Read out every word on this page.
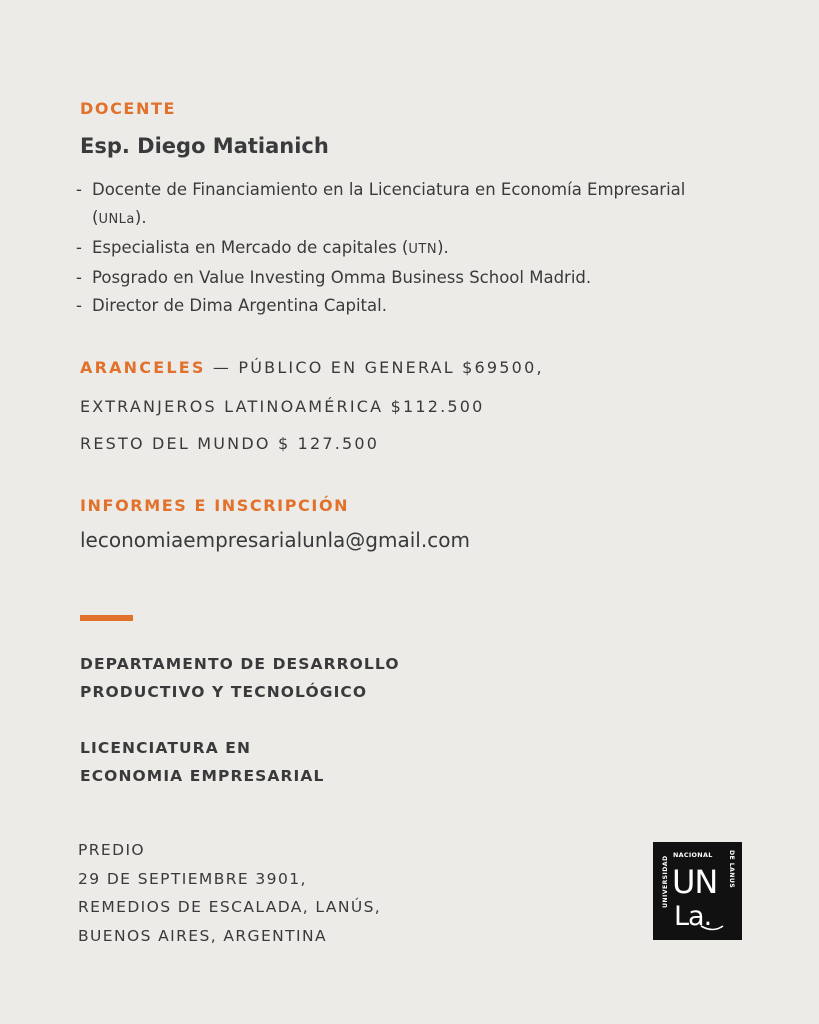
DOCENTE
Esp. Diego Matianich
- Docente de Financiamiento en la Licenciatura en Economía Empresarial (UNLa).
- Especialista en Mercado de capitales (UTN).
- Posgrado en Value Investing Omma Business School Madrid.
- Director de Dima Argentina Capital.
ARANCELES — PÚBLICO EN GENERAL $69500,
EXTRANJEROS LATINOAMÉRICA $112.500
RESTO DEL MUNDO $ 127.500
INFORMES E INSCRIPCIÓN
leconomiaempresarialunla@gmail.com
DEPARTAMENTO DE DESARROLLO
PRODUCTIVO Y TECNOLÓGICO
LICENCIATURA EN
ECONOMIA EMPRESARIAL
PREDIO
29 DE SEPTIEMBRE 3901,
REMEDIOS DE ESCALADA, LANÚS,
BUENOS AIRES, ARGENTINA
UNIVERSIDAD
NACIONAL DE LANUS
UN
La.
